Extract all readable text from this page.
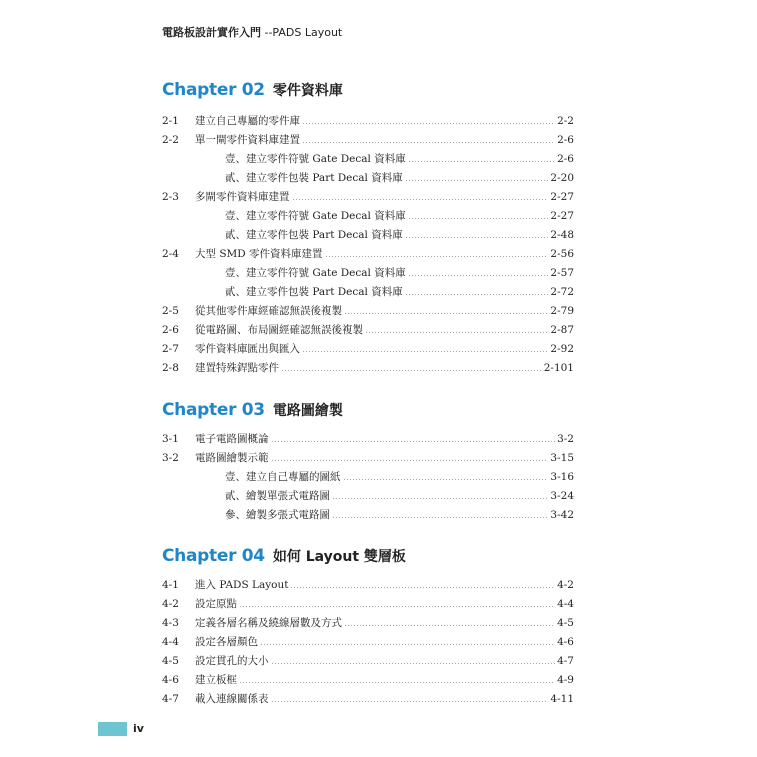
電路板設計實作入門 --PADS Layout
Chapter 02 零件資料庫
2-1	建立自己專屬的零件庫	2-2
2-2	單一閘零件資料庫建置	2-6
壹、建立零件符號 Gate Decal 資料庫	2-6
貳、建立零件包裝 Part Decal 資料庫	2-20
2-3	多閘零件資料庫建置	2-27
壹、建立零件符號 Gate Decal 資料庫	2-27
貳、建立零件包裝 Part Decal 資料庫	2-48
2-4	大型 SMD 零件資料庫建置	2-56
壹、建立零件符號 Gate Decal 資料庫	2-57
貳、建立零件包裝 Part Decal 資料庫	2-72
2-5	從其他零件庫經確認無誤後複製	2-79
2-6	從電路圖、布局圖經確認無誤後複製	2-87
2-7	零件資料庫匯出與匯入	2-92
2-8	建置特殊銲點零件	2-101
Chapter 03 電路圖繪製
3-1	電子電路圖概論	3-2
3-2	電路圖繪製示範	3-15
壹、建立自己專屬的圖紙	3-16
貳、繪製單張式電路圖	3-24
參、繪製多張式電路圖	3-42
Chapter 04 如何 Layout 雙層板
4-1	進入 PADS Layout	4-2
4-2	設定原點	4-4
4-3	定義各層名稱及繞線層數及方式	4-5
4-4	設定各層顏色	4-6
4-5	設定貫孔的大小	4-7
4-6	建立板框	4-9
4-7	載入連線關係表	4-11
iv
